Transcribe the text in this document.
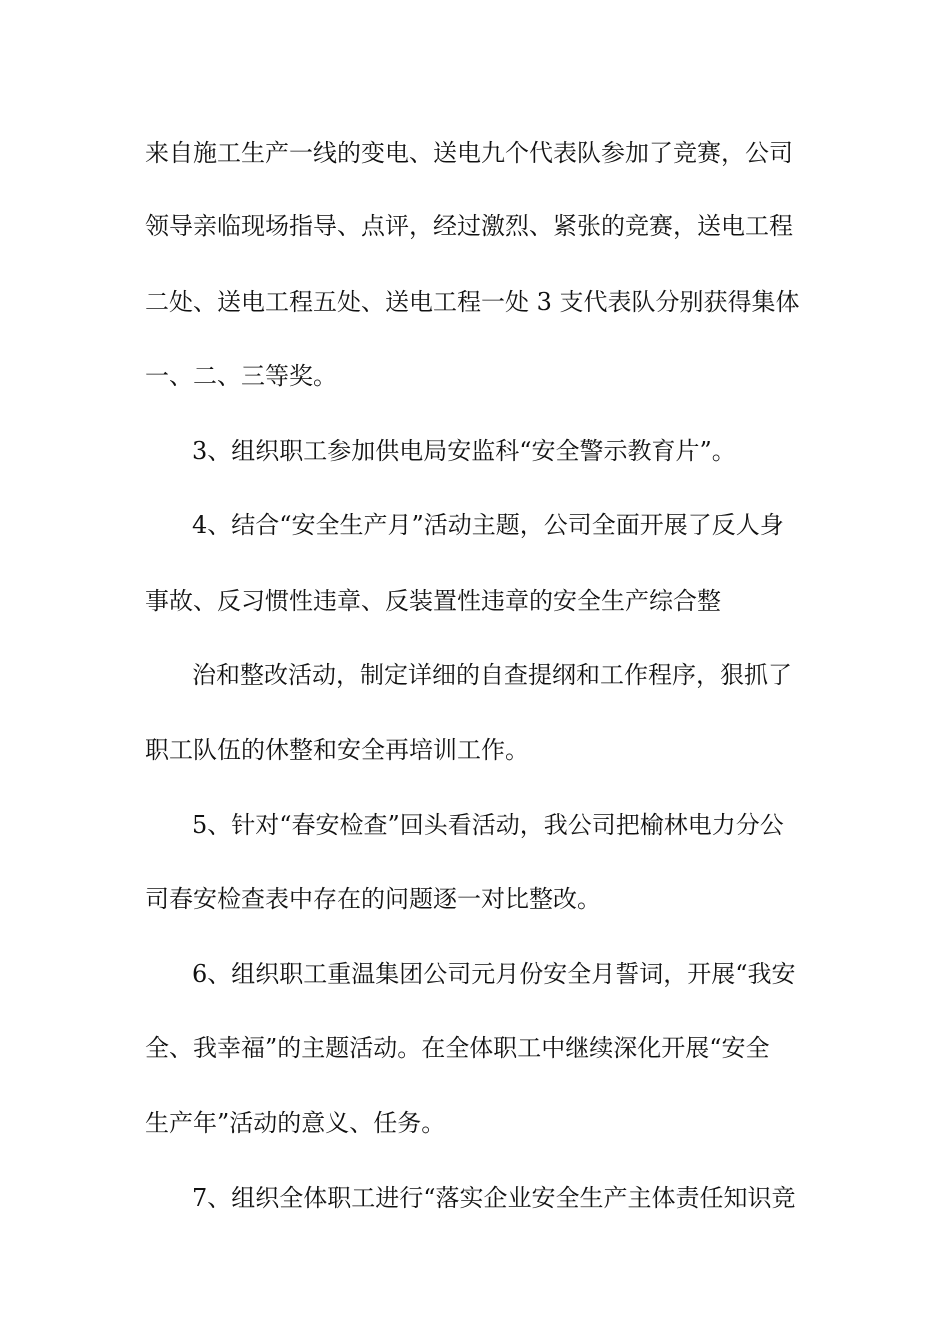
来自施工生产一线的变电、送电九个代表队参加了竞赛，公司
领导亲临现场指导、点评，经过激烈、紧张的竞赛，送电工程
二处、送电工程五处、送电工程一处 3 支代表队分别获得集体
一、二、三等奖。
3、组织职工参加供电局安监科“安全警示教育片”。
4、结合“安全生产月”活动主题，公司全面开展了反人身
事故、反习惯性违章、反装置性违章的安全生产综合整
治和整改活动，制定详细的自查提纲和工作程序，狠抓了
职工队伍的休整和安全再培训工作。
5、针对“春安检查”回头看活动，我公司把榆林电力分公
司春安检查表中存在的问题逐一对比整改。
6、组织职工重温集团公司元月份安全月誓词，开展“我安
全、我幸福”的主题活动。在全体职工中继续深化开展“安全
生产年”活动的意义、任务。
7、组织全体职工进行“落实企业安全生产主体责任知识竞
